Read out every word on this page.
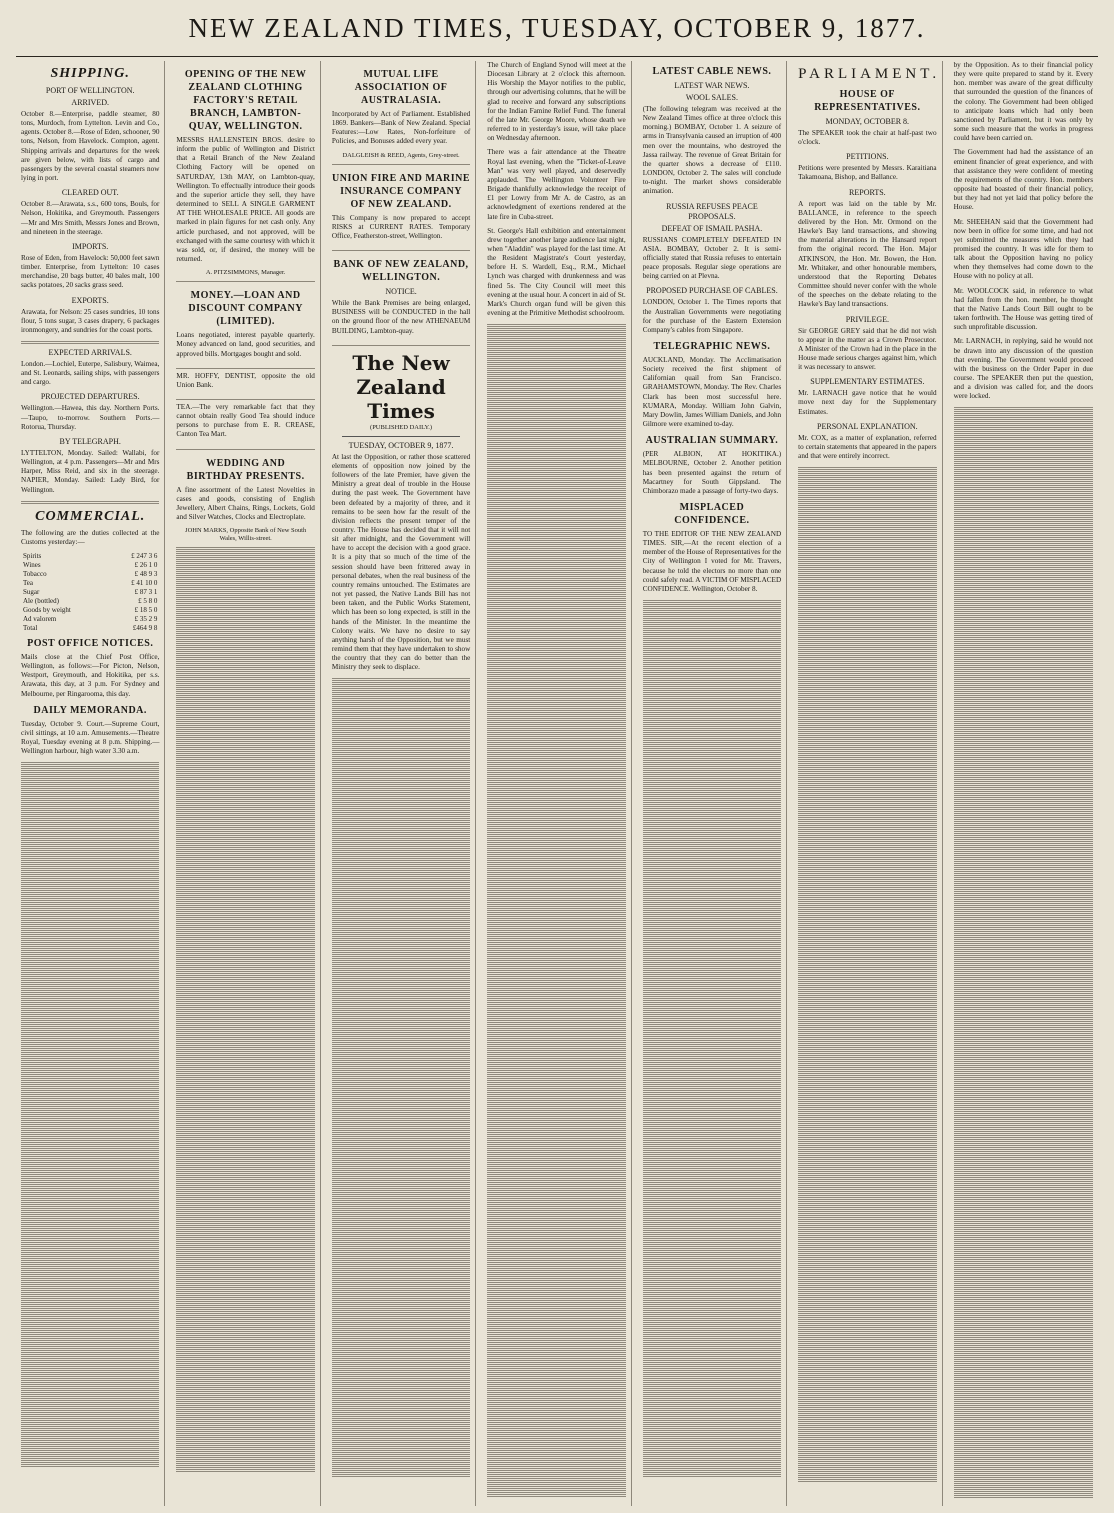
NEW ZEALAND TIMES, TUESDAY, OCTOBER 9, 1877.
SHIPPING.
PORT OF WELLINGTON.
ARRIVED.
October 8.—Enterprise, paddle steamer, 80 tons, Murdoch, from Lyttelton. Levin and Co., agents. October 8.—Rose of Eden, schooner, 90 tons, Nelson, from Havelock. Compton, agent. Shipping arrivals and departures for the week are given below, with lists of cargo and passengers by the several coastal steamers now lying in port.
CLEARED OUT.
October 8.—Arawata, s.s., 600 tons, Bouls, for Nelson, Hokitika, and Greymouth. Passengers—Mr and Mrs Smith, Messrs Jones and Brown, and nineteen in the steerage.
IMPORTS.
Rose of Eden, from Havelock: 50,000 feet sawn timber. Enterprise, from Lyttelton: 10 cases merchandise, 20 bags butter, 40 bales malt, 100 sacks potatoes, 20 sacks grass seed.
EXPORTS.
Arawata, for Nelson: 25 cases sundries, 10 tons flour, 5 tons sugar, 3 cases drapery, 6 packages ironmongery, and sundries for the coast ports.
EXPECTED ARRIVALS.
London.—Lochiel, Euterpe, Salisbury, Waimea, and St. Leonards, sailing ships, with passengers and cargo.
PROJECTED DEPARTURES.
Wellington.—Hawea, this day. Northern Ports.—Taupo, to-morrow. Southern Ports.—Rotorua, Thursday.
BY TELEGRAPH.
LYTTELTON, Monday. Sailed: Wallabi, for Wellington, at 4 p.m. Passengers—Mr and Mrs Harper, Miss Reid, and six in the steerage. NAPIER, Monday. Sailed: Lady Bird, for Wellington.
COMMERCIAL.
The following are the duties collected at the Customs yesterday:—
Spirits	£ 247 3 6
Wines	£ 26 1 0
Tobacco	£ 48 9 3
Tea	£ 41 10 0
Sugar	£ 87 3 1
Ale (bottled)	£ 5 8 0
Goods by weight	£ 18 5 0
Ad valorem	£ 35 2 9
Total	£464 9 8
POST OFFICE NOTICES.
Mails close at the Chief Post Office, Wellington, as follows:—For Picton, Nelson, Westport, Greymouth, and Hokitika, per s.s. Arawata, this day, at 3 p.m. For Sydney and Melbourne, per Ringarooma, this day.
DAILY MEMORANDA.
Tuesday, October 9. Court.—Supreme Court, civil sittings, at 10 a.m. Amusements.—Theatre Royal, Tuesday evening at 8 p.m. Shipping.—Wellington harbour, high water 3.30 a.m.
OPENING OF THE NEW ZEALAND CLOTHING FACTORY'S RETAIL BRANCH, LAMBTON-QUAY, WELLINGTON.
MESSRS HALLENSTEIN BROS. desire to inform the public of Wellington and District that a Retail Branch of the New Zealand Clothing Factory will be opened on SATURDAY, 13th MAY, on Lambton-quay, Wellington. To effectually introduce their goods and the superior article they sell, they have determined to SELL A SINGLE GARMENT AT THE WHOLESALE PRICE. All goods are marked in plain figures for net cash only. Any article purchased, and not approved, will be exchanged with the same courtesy with which it was sold, or, if desired, the money will be returned.
A. PITZSIMMONS, Manager.
MONEY.—LOAN AND DISCOUNT COMPANY (LIMITED).
Loans negotiated, interest payable quarterly. Money advanced on land, good securities, and approved bills. Mortgages bought and sold.
MR. HOFFY, DENTIST, opposite the old Union Bank.
TEA.—The very remarkable fact that they cannot obtain really Good Tea should induce persons to purchase from E. R. CREASE, Canton Tea Mart.
WEDDING AND BIRTHDAY PRESENTS.
A fine assortment of the Latest Novelties in cases and goods, consisting of English Jewellery, Albert Chains, Rings, Lockets, Gold and Silver Watches, Clocks and Electroplate.
JOHN MARKS, Opposite Bank of New South Wales, Willis-street.
MUTUAL LIFE ASSOCIATION OF AUSTRALASIA.
Incorporated by Act of Parliament. Established 1869. Bankers—Bank of New Zealand. Special Features:—Low Rates, Non-forfeiture of Policies, and Bonuses added every year.
DALGLEISH & REED, Agents, Grey-street.
UNION FIRE AND MARINE INSURANCE COMPANY OF NEW ZEALAND.
This Company is now prepared to accept RISKS at CURRENT RATES. Temporary Office, Featherston-street, Wellington.
BANK OF NEW ZEALAND, WELLINGTON.
NOTICE.
While the Bank Premises are being enlarged, BUSINESS will be CONDUCTED in the hall on the ground floor of the new ATHENAEUM BUILDING, Lambton-quay.
The New Zealand Times
(PUBLISHED DAILY.)
TUESDAY, OCTOBER 9, 1877.
At last the Opposition, or rather those scattered elements of opposition now joined by the followers of the late Premier, have given the Ministry a great deal of trouble in the House during the past week. The Government have been defeated by a majority of three, and it remains to be seen how far the result of the division reflects the present temper of the country. The House has decided that it will not sit after midnight, and the Government will have to accept the decision with a good grace. It is a pity that so much of the time of the session should have been frittered away in personal debates, when the real business of the country remains untouched. The Estimates are not yet passed, the Native Lands Bill has not been taken, and the Public Works Statement, which has been so long expected, is still in the hands of the Minister. In the meantime the Colony waits. We have no desire to say anything harsh of the Opposition, but we must remind them that they have undertaken to show the country that they can do better than the Ministry they seek to displace.
The Church of England Synod will meet at the Diocesan Library at 2 o'clock this afternoon. His Worship the Mayor notifies to the public, through our advertising columns, that he will be glad to receive and forward any subscriptions for the Indian Famine Relief Fund. The funeral of the late Mr. George Moore, whose death we referred to in yesterday's issue, will take place on Wednesday afternoon.
There was a fair attendance at the Theatre Royal last evening, when the "Ticket-of-Leave Man" was very well played, and deservedly applauded. The Wellington Volunteer Fire Brigade thankfully acknowledge the receipt of £1 per Lowry from Mr A. de Castro, as an acknowledgment of exertions rendered at the late fire in Cuba-street.
St. George's Hall exhibition and entertainment drew together another large audience last night, when "Aladdin" was played for the last time. At the Resident Magistrate's Court yesterday, before H. S. Wardell, Esq., R.M., Michael Lynch was charged with drunkenness and was fined 5s. The City Council will meet this evening at the usual hour. A concert in aid of St. Mark's Church organ fund will be given this evening at the Primitive Methodist schoolroom.
LATEST CABLE NEWS.
LATEST WAR NEWS.
WOOL SALES.
(The following telegram was received at the New Zealand Times office at three o'clock this morning.) BOMBAY, October 1. A seizure of arms in Transylvania caused an irruption of 400 men over the mountains, who destroyed the Jassa railway. The revenue of Great Britain for the quarter shows a decrease of £110. LONDON, October 2. The sales will conclude to-night. The market shows considerable animation.
RUSSIA REFUSES PEACE PROPOSALS.
DEFEAT OF ISMAIL PASHA.
RUSSIANS COMPLETELY DEFEATED IN ASIA. BOMBAY, October 2. It is semi-officially stated that Russia refuses to entertain peace proposals. Regular siege operations are being carried on at Plevna.
PROPOSED PURCHASE OF CABLES.
LONDON, October 1. The Times reports that the Australian Governments were negotiating for the purchase of the Eastern Extension Company's cables from Singapore.
TELEGRAPHIC NEWS.
AUCKLAND, Monday. The Acclimatisation Society received the first shipment of Californian quail from San Francisco. GRAHAMSTOWN, Monday. The Rev. Charles Clark has been most successful here. KUMARA, Monday. William John Galvin, Mary Dowlin, James William Daniels, and John Gilmore were examined to-day.
AUSTRALIAN SUMMARY.
(PER ALBION, AT HOKITIKA.) MELBOURNE, October 2. Another petition has been presented against the return of Macartney for South Gippsland. The Chimborazo made a passage of forty-two days.
MISPLACED CONFIDENCE.
TO THE EDITOR OF THE NEW ZEALAND TIMES. SIR,—At the recent election of a member of the House of Representatives for the City of Wellington I voted for Mr. Travers, because he told the electors no more than one could safely read. A VICTIM OF MISPLACED CONFIDENCE. Wellington, October 8.
PARLIAMENT.
HOUSE OF REPRESENTATIVES.
MONDAY, OCTOBER 8.
The SPEAKER took the chair at half-past two o'clock.
PETITIONS.
Petitions were presented by Messrs. Karaitiana Takamoana, Bishop, and Ballance.
REPORTS.
A report was laid on the table by Mr. BALLANCE, in reference to the speech delivered by the Hon. Mr. Ormond on the Hawke's Bay land transactions, and showing the material alterations in the Hansard report from the original record. The Hon. Major ATKINSON, the Hon. Mr. Bowen, the Hon. Mr. Whitaker, and other honourable members, understood that the Reporting Debates Committee should never confer with the whole of the speeches on the debate relating to the Hawke's Bay land transactions.
PRIVILEGE.
Sir GEORGE GREY said that he did not wish to appear in the matter as a Crown Prosecutor. A Minister of the Crown had in the place in the House made serious charges against him, which it was necessary to answer.
SUPPLEMENTARY ESTIMATES.
Mr. LARNACH gave notice that he would move next day for the Supplementary Estimates.
PERSONAL EXPLANATION.
Mr. COX, as a matter of explanation, referred to certain statements that appeared in the papers and that were entirely incorrect.
by the Opposition. As to their financial policy they were quite prepared to stand by it. Every hon. member was aware of the great difficulty that surrounded the question of the finances of the colony. The Government had been obliged to anticipate loans which had only been sanctioned by Parliament, but it was only by some such measure that the works in progress could have been carried on.
The Government had had the assistance of an eminent financier of great experience, and with that assistance they were confident of meeting the requirements of the country. Hon. members opposite had boasted of their financial policy, but they had not yet laid that policy before the House.
Mr. SHEEHAN said that the Government had now been in office for some time, and had not yet submitted the measures which they had promised the country. It was idle for them to talk about the Opposition having no policy when they themselves had come down to the House with no policy at all.
Mr. WOOLCOCK said, in reference to what had fallen from the hon. member, he thought that the Native Lands Court Bill ought to be taken forthwith. The House was getting tired of such unprofitable discussion.
Mr. LARNACH, in replying, said he would not be drawn into any discussion of the question that evening. The Government would proceed with the business on the Order Paper in due course. The SPEAKER then put the question, and a division was called for, and the doors were locked.
